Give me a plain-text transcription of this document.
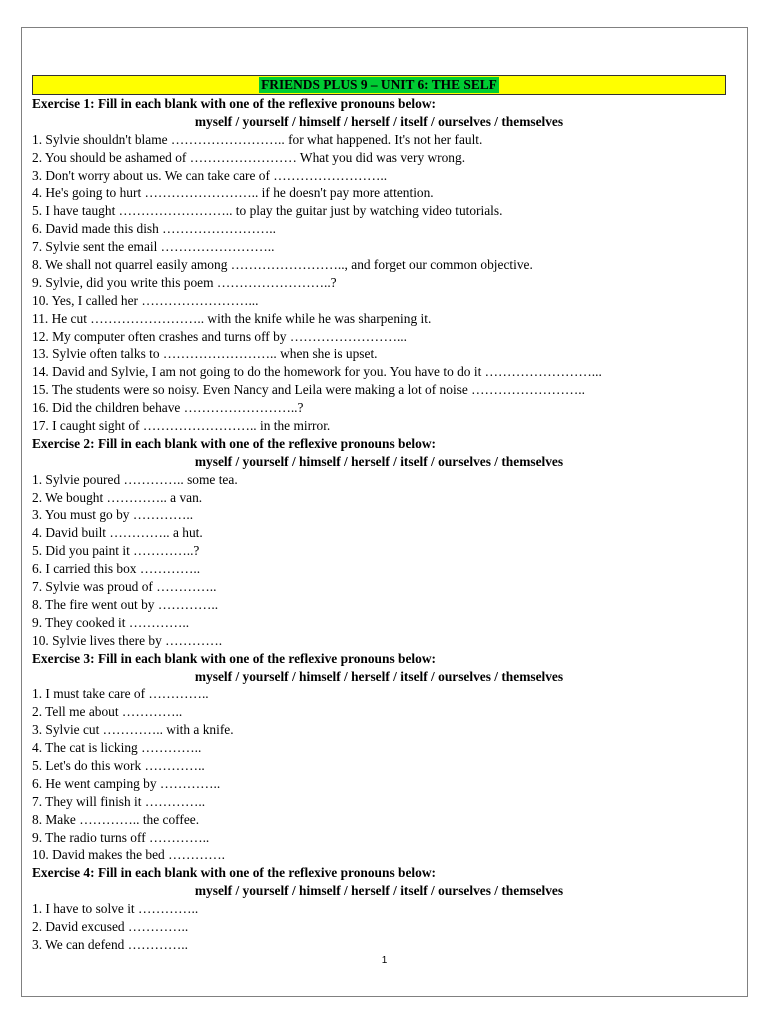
FRIENDS PLUS 9 – UNIT 6: THE SELF
Exercise 1: Fill in each blank with one of the reflexive pronouns below:
myself / yourself / himself / herself / itself / ourselves / themselves
1. Sylvie shouldn't blame …………………….. for what happened. It's not her fault.
2. You should be ashamed of …………………… What you did was very wrong.
3. Don't worry about us. We can take care of ……………………..
4. He's going to hurt …………………….. if he doesn't pay more attention.
5. I have taught …………………….. to play the guitar just by watching video tutorials.
6. David made this dish ……………………..
7. Sylvie sent the email ……………………..
8. We shall not quarrel easily among …………………….., and forget our common objective.
9. Sylvie, did you write this poem ……………………..?
10. Yes, I called her ……………………...
11. He cut …………………….. with the knife while he was sharpening it.
12. My computer often crashes and turns off by ……………………...
13. Sylvie often talks to …………………….. when she is upset.
14. David and Sylvie, I am not going to do the homework for you. You have to do it ……………………...
15. The students were so noisy. Even Nancy and Leila were making a lot of noise ……………………..
16. Did the children behave ……………………..?
17. I caught sight of …………………….. in the mirror.
Exercise 2: Fill in each blank with one of the reflexive pronouns below:
myself / yourself / himself / herself / itself / ourselves / themselves
1. Sylvie poured ………….. some tea.
2. We bought ………….. a van.
3. You must go by …………..
4. David built ………….. a hut.
5. Did you paint it …………..?
6. I carried this box …………..
7. Sylvie was proud of …………..
8. The fire went out by …………..
9. They cooked it …………..
10. Sylvie lives there by ………….
Exercise 3: Fill in each blank with one of the reflexive pronouns below:
myself / yourself / himself / herself / itself / ourselves / themselves
1. I must take care of …………..
2. Tell me about …………..
3. Sylvie cut ………….. with a knife.
4. The cat is licking …………..
5. Let's do this work …………..
6. He went camping by …………..
7. They will finish it …………..
8. Make ………….. the coffee.
9. The radio turns off …………..
10. David makes the bed ………….
Exercise 4: Fill in each blank with one of the reflexive pronouns below:
myself / yourself / himself / herself / itself / ourselves / themselves
1. I have to solve it …………..
2. David excused …………..
3. We can defend …………..
1
